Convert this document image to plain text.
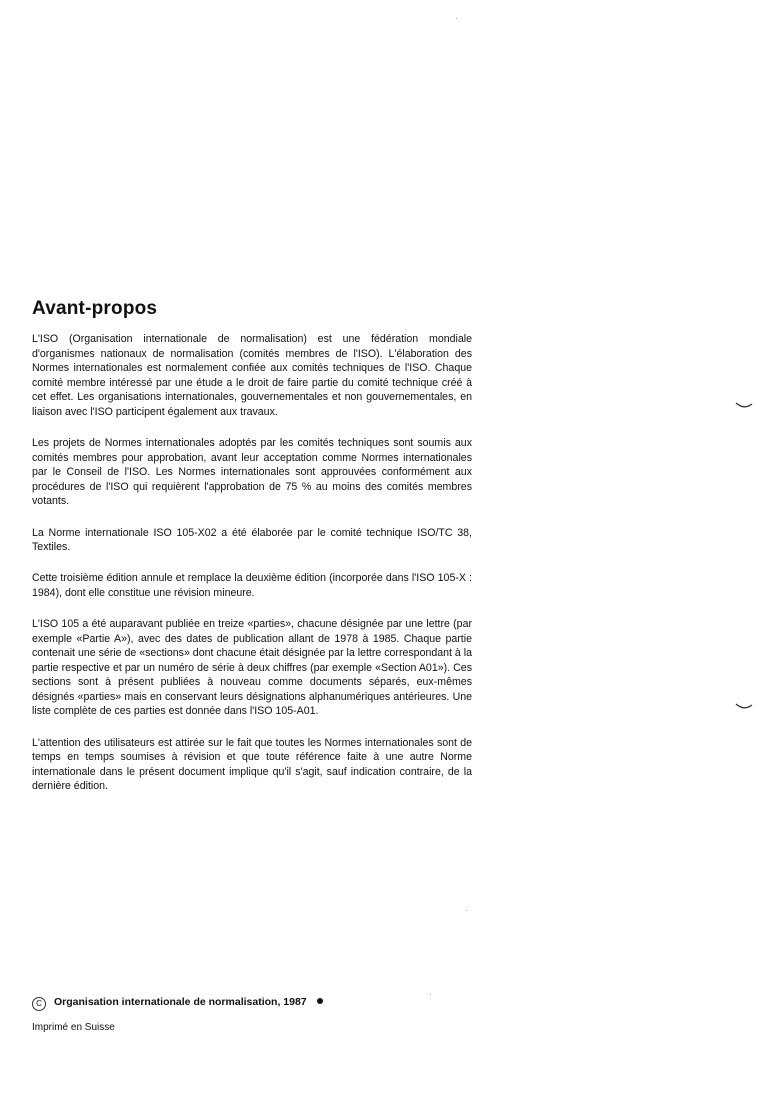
Avant-propos

L'ISO (Organisation internationale de normalisation) est une fédération mondiale d'organismes nationaux de normalisation (comités membres de l'ISO). L'élaboration des Normes internationales est normalement confiée aux comités techniques de l'ISO. Chaque comité membre intéressé par une étude a le droit de faire partie du comité technique créé à cet effet. Les organisations internationales, gouvernementales et non gouvernementales, en liaison avec l'ISO participent également aux travaux.

Les projets de Normes internationales adoptés par les comités techniques sont soumis aux comités membres pour approbation, avant leur acceptation comme Normes internationales par le Conseil de l'ISO. Les Normes internationales sont approuvées conformément aux procédures de l'ISO qui requièrent l'approbation de 75 % au moins des comités membres votants.

La Norme internationale ISO 105-X02 a été élaborée par le comité technique ISO/TC 38, Textiles.

Cette troisième édition annule et remplace la deuxième édition (incorporée dans l'ISO 105-X : 1984), dont elle constitue une révision mineure.

L'ISO 105 a été auparavant publiée en treize «parties», chacune désignée par une lettre (par exemple «Partie A»), avec des dates de publication allant de 1978 à 1985. Chaque partie contenait une série de «sections» dont chacune était désignée par la lettre correspondant à la partie respective et par un numéro de série à deux chiffres (par exemple «Section A01»). Ces sections sont à présent publiées à nouveau comme documents séparés, eux-mêmes désignés «parties» mais en conservant leurs désignations alphanumériques antérieures. Une liste complète de ces parties est donnée dans l'ISO 105-A01.

L'attention des utilisateurs est attirée sur le fait que toutes les Normes internationales sont de temps en temps soumises à révision et que toute référence faite à une autre Norme internationale dans le présent document implique qu'il s'agit, sauf indication contraire, de la dernière édition.

C Organisation internationale de normalisation, 1987
Imprimé en Suisse
